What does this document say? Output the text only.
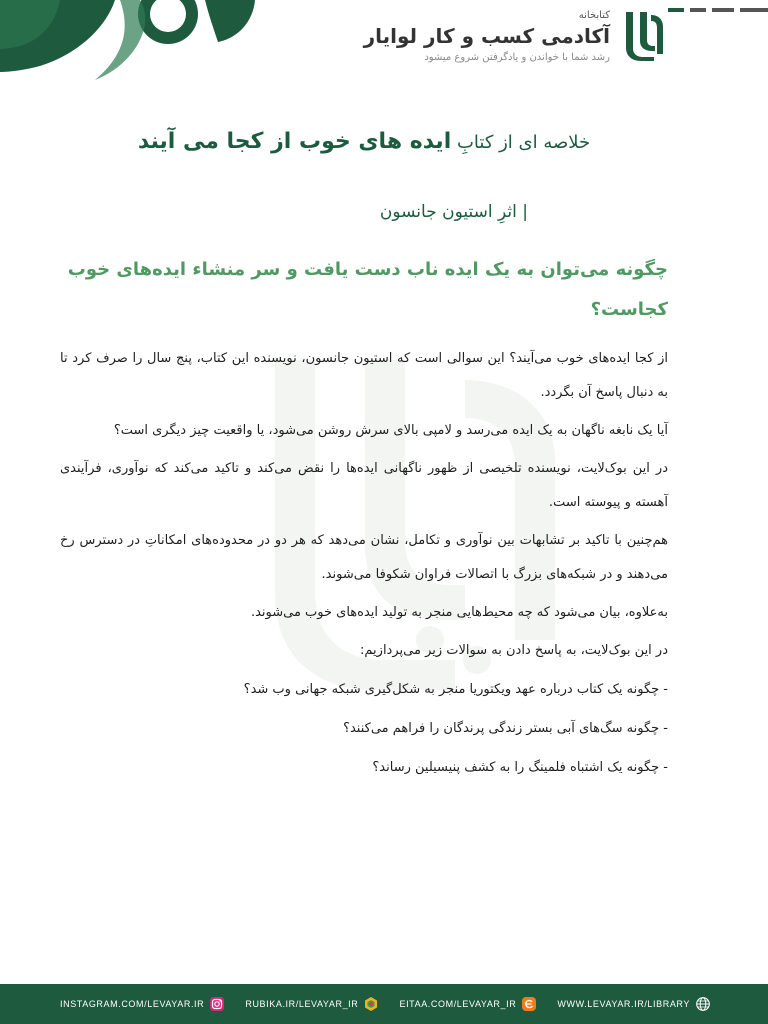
کتابخانه
آکادمی کسب و کار لوایار
رشد شما با خواندن و یادگرفتن شروع میشود
خلاصه ای از کتابِ ایده های خوب از کجا می آیند
| اثرِ استیون جانسون
چگونه می‌توان به یک ایده ناب دست یافت و سر منشاء ایده‌های خوب کجاست؟

از کجا ایده‌های خوب می‌آیند؟ این سوالی است که استیون جانسون، نویسنده این کتاب، پنج سال را صرف کرد تا به دنبال پاسخ آن بگردد.

آیا یک نابغه ناگهان به یک ایده می‌رسد و لامپی بالای سرش روشن می‌شود، یا واقعیت چیز دیگری است؟

در این بوک‌لایت، نویسنده تلخیصی از ظهور ناگهانی ایده‌ها را نقض می‌کند و تاکید می‌کند که نوآوری، فرآیندی آهسته و پیوسته است.

هم‌چنین با تاکید بر تشابهات بین نوآوری و تکامل، نشان می‌دهد که هر دو در محدوده‌های امکاناتِ در دسترس رخ می‌دهند و در شبکه‌های بزرگ با اتصالات فراوان شکوفا می‌شوند.

به‌علاوه، بیان می‌شود که چه محیط‌هایی منجر به تولید ایده‌های خوب می‌شوند.

در این بوک‌لایت، به پاسخ دادن به سوالات زیر می‌پردازیم:

- چگونه یک کتاب درباره عهد ویکتوریا منجر به شکل‌گیری شبکه جهانی وب شد؟
- چگونه سگ‌های آبی بستر زندگی پرندگان را فراهم می‌کنند؟
- چگونه یک اشتباه فلمینگ را به کشف پنیسیلین رساند؟
INSTAGRAM.COM/LEVAYAR.IR	RUBIKA.IR/LEVAYAR_IR	EITAA.COM/LEVAYAR_IR	WWW.LEVAYAR.IR/LIBRARY
